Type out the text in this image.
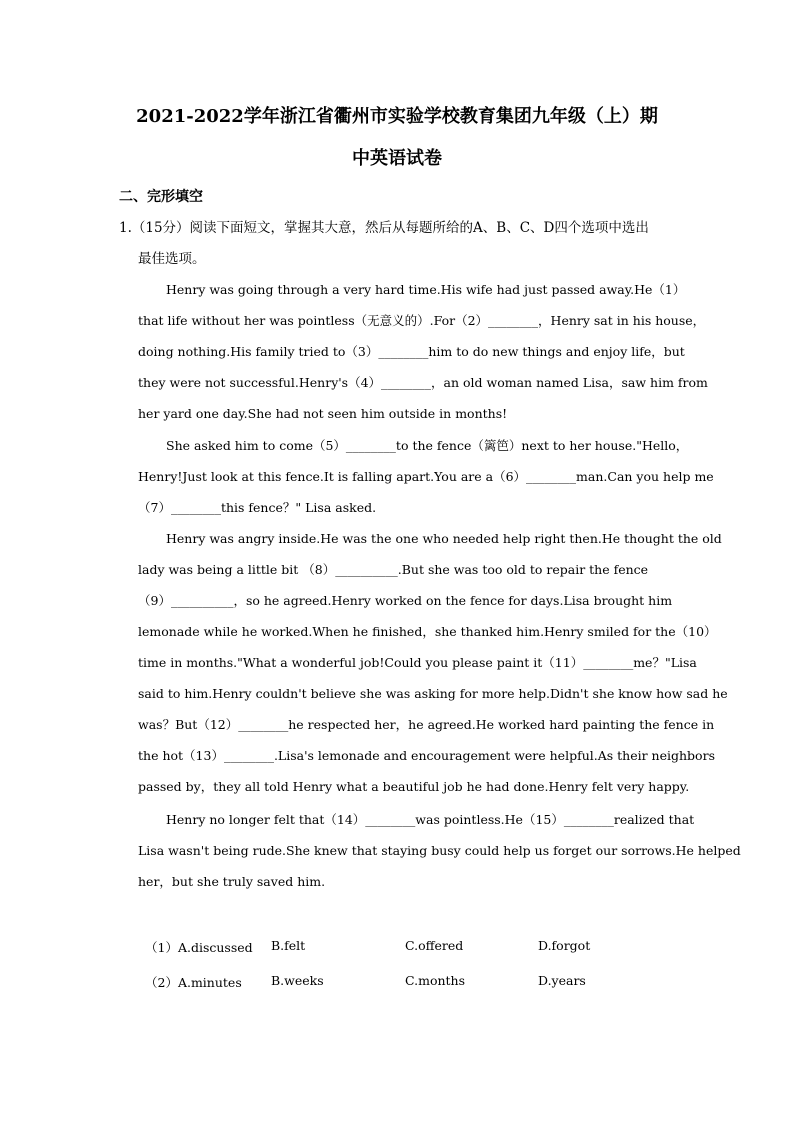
2021-2022学年浙江省衢州市实验学校教育集团九年级（上）期
中英语试卷
二、完形填空
1.（15分）阅读下面短文，掌握其大意，然后从每题所给的A、B、C、D四个选项中选出
最佳选项。
Henry was going through a very hard time.His wife had just passed away.He（1）
that life without her was pointless（无意义的）.For（2）________，Henry sat in his house，
doing nothing.His family tried to（3）________him to do new things and enjoy life，but
they were not successful.Henry's（4）________，an old woman named Lisa，saw him from
her yard one day.She had not seen him outside in months!
She asked him to come（5）________to the fence（篱笆）next to her house."Hello，
Henry!Just look at this fence.It is falling apart.You are a（6）________man.Can you help me
（7）________this fence？" Lisa asked.
Henry was angry inside.He was the one who needed help right then.He thought the old
lady was being a little bit （8）__________.But she was too old to repair the fence
（9）__________，so he agreed.Henry worked on the fence for days.Lisa brought him
lemonade while he worked.When he finished，she thanked him.Henry smiled for the（10）
time in months."What a wonderful job!Could you please paint it（11）________me？"Lisa
said to him.Henry couldn't believe she was asking for more help.Didn't she know how sad he
was？But（12）________he respected her，he agreed.He worked hard painting the fence in
the hot（13）________.Lisa's lemonade and encouragement were helpful.As their neighbors
passed by，they all told Henry what a beautiful job he had done.Henry felt very happy.
Henry no longer felt that（14）________was pointless.He（15）________realized that
Lisa wasn't being rude.She knew that staying busy could help us forget our sorrows.He helped
her，but she truly saved him.
（1）A.discussed B.felt	C.offered	D.forgot
（2）A.minutes B.weeks	C.months	D.years
